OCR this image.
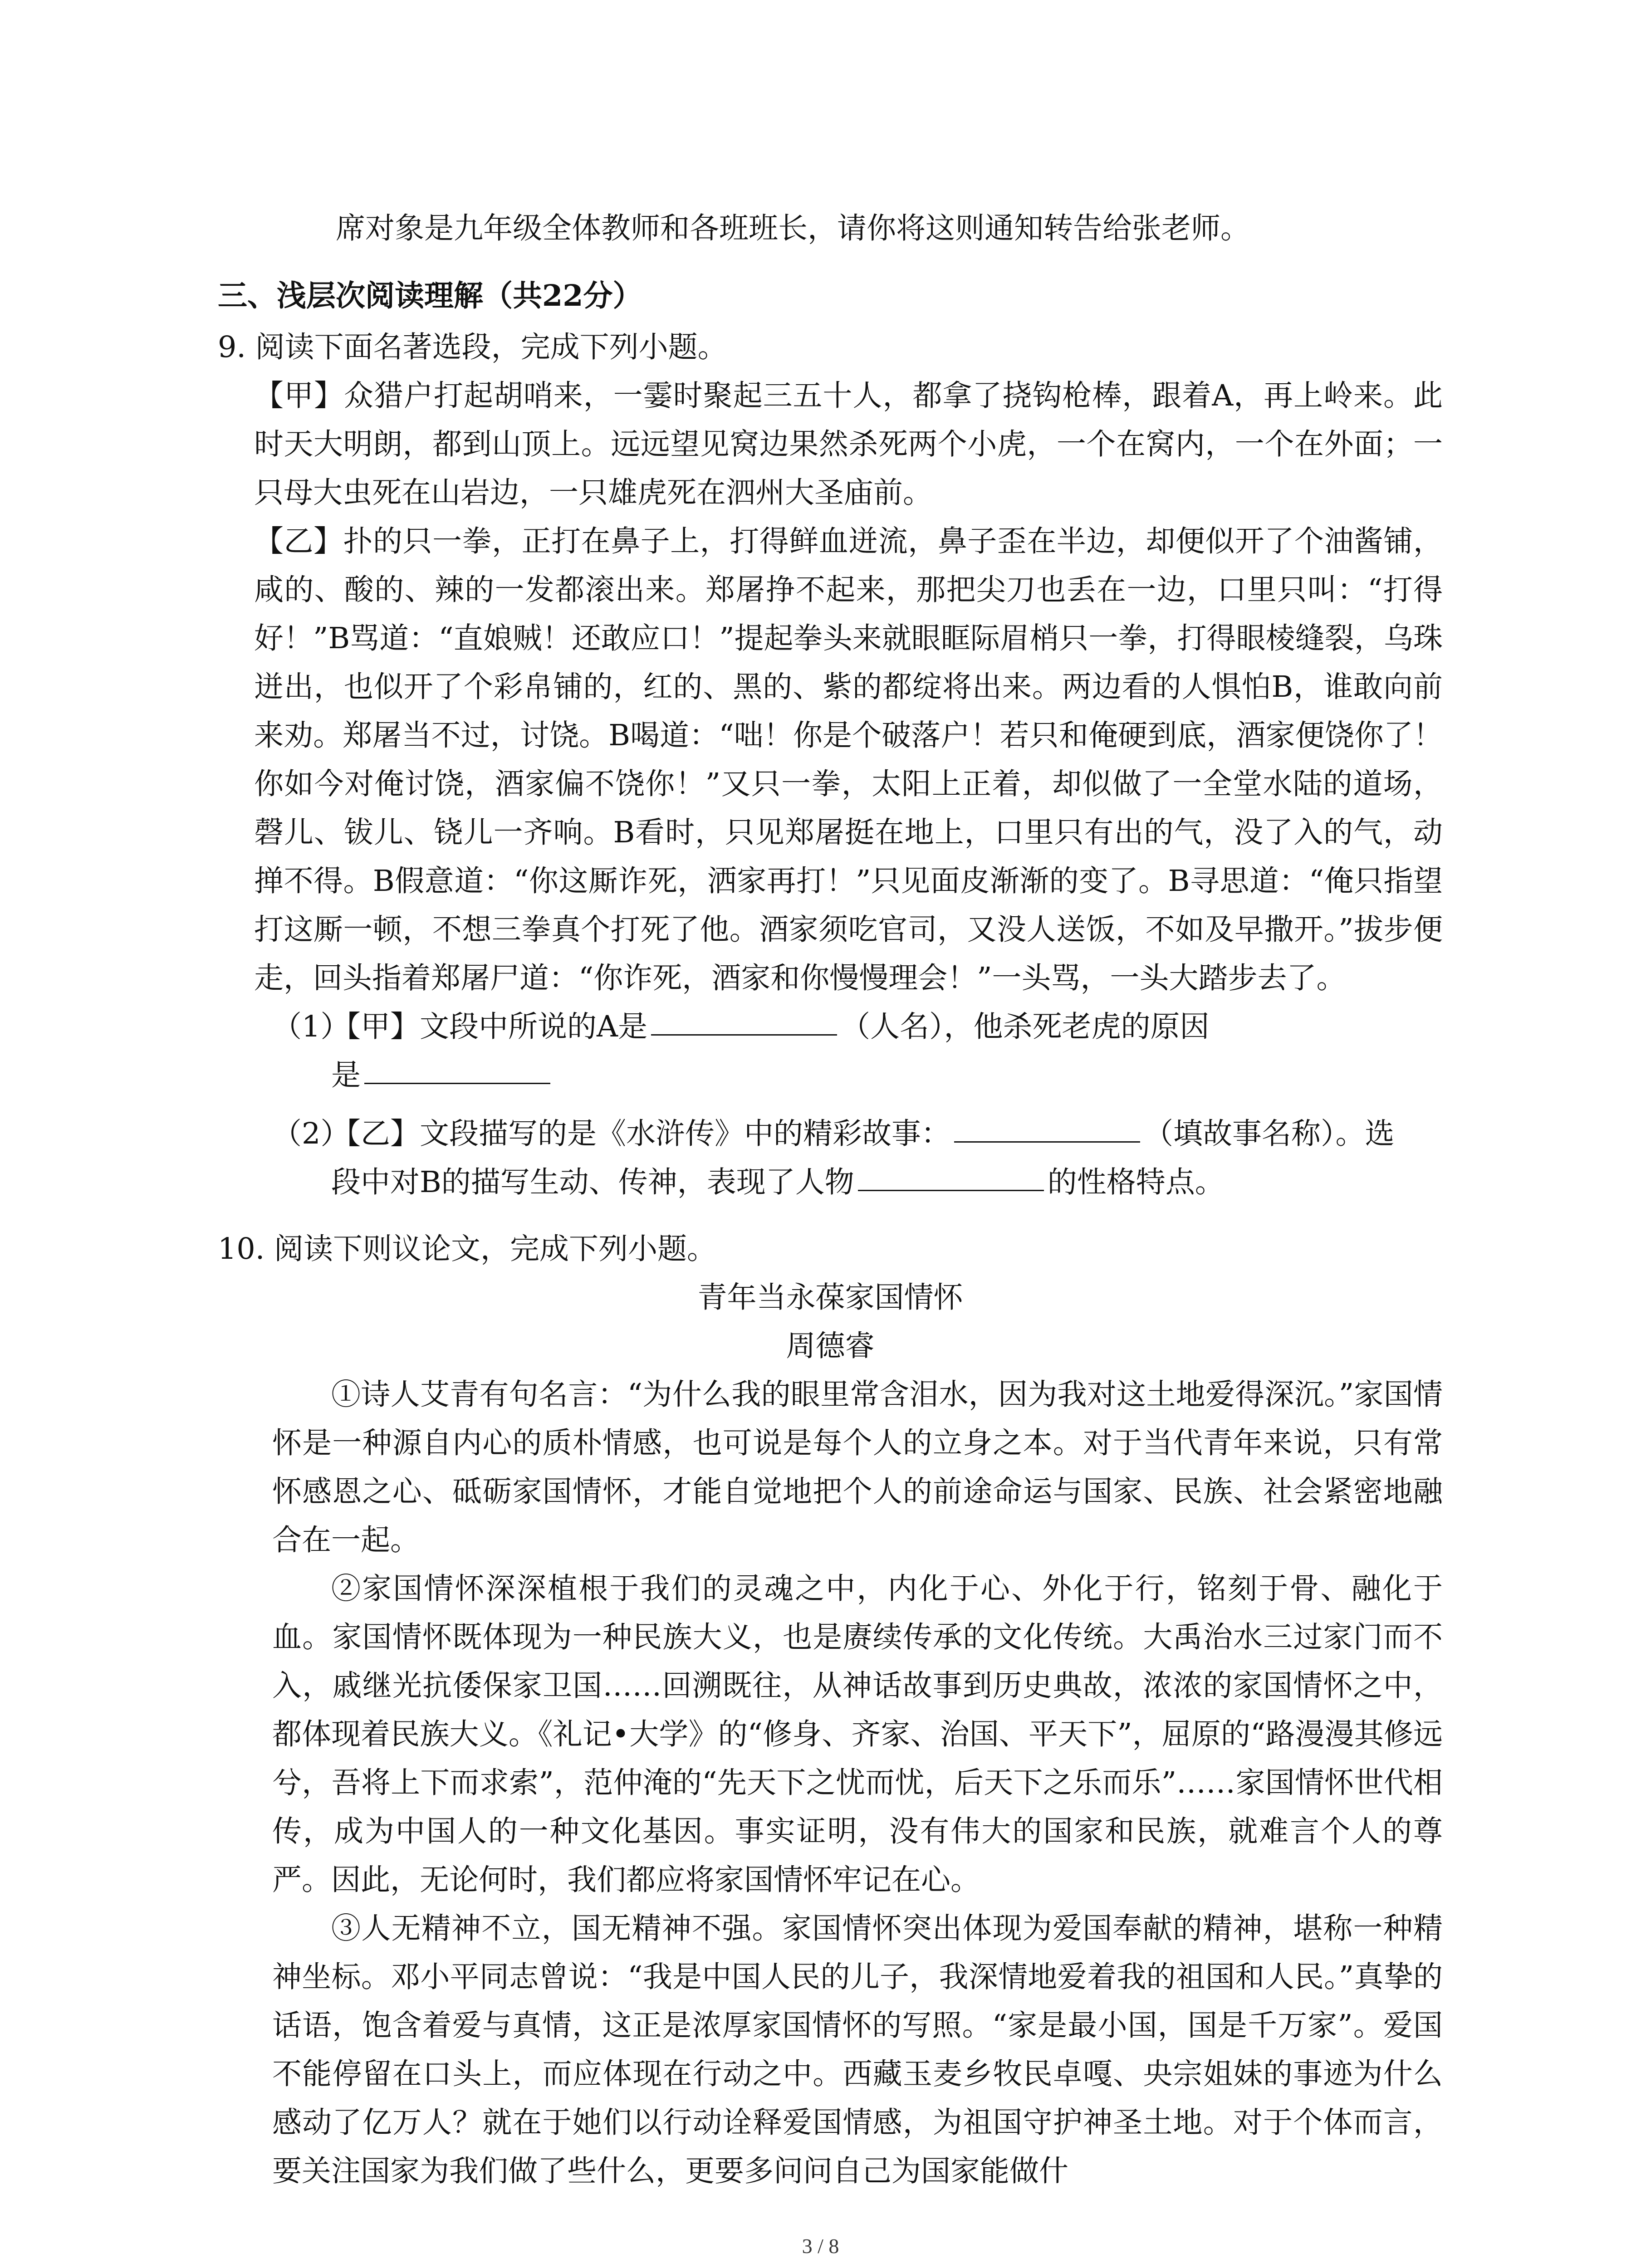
席对象是九年级全体教师和各班班长，请你将这则通知转告给张老师。
三、浅层次阅读理解（共22分）
9. 阅读下面名著选段，完成下列小题。
【甲】众猎户打起胡哨来，一霎时聚起三五十人，都拿了挠钩枪棒，跟着A，再上岭来。此时天大明朗，都到山顶上。远远望见窝边果然杀死两个小虎，一个在窝内，一个在外面；一只母大虫死在山岩边，一只雄虎死在泗州大圣庙前。
【乙】扑的只一拳，正打在鼻子上，打得鲜血迸流，鼻子歪在半边，却便似开了个油酱铺，咸的、酸的、辣的一发都滚出来。郑屠挣不起来，那把尖刀也丢在一边，口里只叫：“打得好！”B骂道：“直娘贼！还敢应口！”提起拳头来就眼眶际眉梢只一拳，打得眼棱缝裂，乌珠迸出，也似开了个彩帛铺的，红的、黑的、紫的都绽将出来。两边看的人惧怕B，谁敢向前来劝。郑屠当不过，讨饶。B喝道：“咄！你是个破落户！若只和俺硬到底，酒家便饶你了！你如今对俺讨饶，酒家偏不饶你！”又只一拳，太阳上正着，却似做了一全堂水陆的道场，磬儿、钹儿、铙儿一齐响。B看时，只见郑屠挺在地上，口里只有出的气，没了入的气，动掸不得。B假意道：“你这厮诈死，洒家再打！”只见面皮渐渐的变了。B寻思道：“俺只指望打这厮一顿，不想三拳真个打死了他。酒家须吃官司，又没人送饭，不如及早撒开。”拔步便走，回头指着郑屠尸道：“你诈死，酒家和你慢慢理会！”一头骂，一头大踏步去了。
（1）
【甲】文段中所说的A是	（人名），他杀死老虎的原因
是
（2）
【乙】文段描写的是《水浒传》中的精彩故事：	（填故事名称）。选
段中对B的描写生动、传神，表现了人物	的性格特点。
10. 阅读下则议论文，完成下列小题。
青年当永葆家国情怀
周德睿
①诗人艾青有句名言：“为什么我的眼里常含泪水，因为我对这土地爱得深沉。”家国情怀是一种源自内心的质朴情感，也可说是每个人的立身之本。对于当代青年来说，只有常怀感恩之心、砥砺家国情怀，才能自觉地把个人的前途命运与国家、民族、社会紧密地融合在一起。
②家国情怀深深植根于我们的灵魂之中，内化于心、外化于行，铭刻于骨、融化于血。家国情怀既体现为一种民族大义，也是赓续传承的文化传统。大禹治水三过家门而不入，戚继光抗倭保家卫国……回溯既往，从神话故事到历史典故，浓浓的家国情怀之中，都体现着民族大义。《礼记•大学》的“修身、齐家、治国、平天下”，屈原的“路漫漫其修远兮，吾将上下而求索”，范仲淹的“先天下之忧而忧，后天下之乐而乐”……家国情怀世代相传，成为中国人的一种文化基因。事实证明，没有伟大的国家和民族，就难言个人的尊严。因此，无论何时，我们都应将家国情怀牢记在心。
③人无精神不立，国无精神不强。家国情怀突出体现为爱国奉献的精神，堪称一种精神坐标。邓小平同志曾说：“我是中国人民的儿子，我深情地爱着我的祖国和人民。”真挚的话语，饱含着爱与真情，这正是浓厚家国情怀的写照。“家是最小国，国是千万家”。爱国不能停留在口头上，而应体现在行动之中。西藏玉麦乡牧民卓嘎、央宗姐妹的事迹为什么感动了亿万人？就在于她们以行动诠释爱国情感，为祖国守护神圣土地。对于个体而言，要关注国家为我们做了些什么，更要多问问自己为国家能做什
3 / 8
